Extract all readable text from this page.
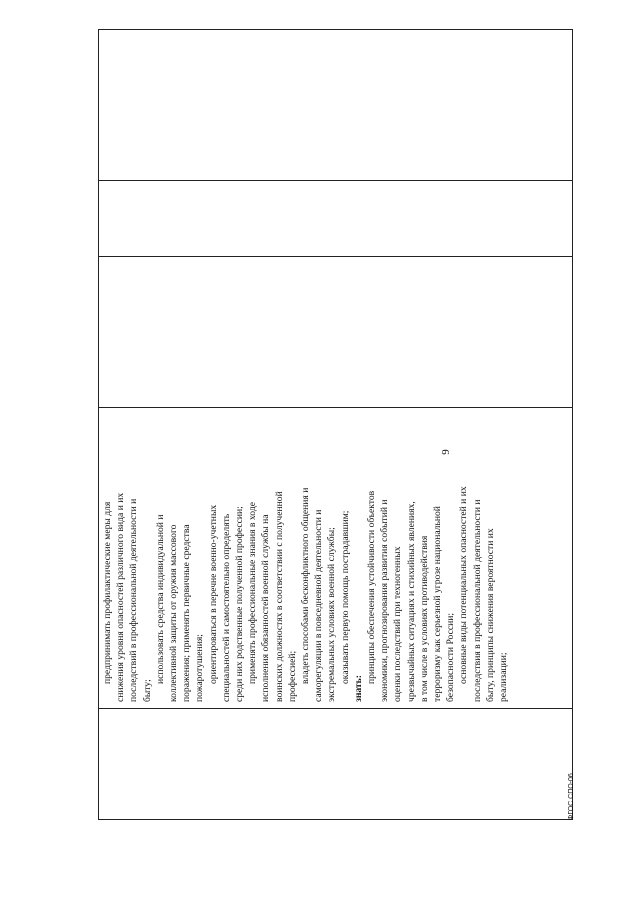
предпринимать профилактические меры для снижения уровня опасностей различного вида и их последствий в профессиональной деятельности и быту;

использовать средства индивидуальной и коллективной защиты от оружия массового поражения; применять первичные средства пожаротушения; ориентироваться в перечне военно-учетных специальностей и самостоятельно определять среди них родственные полученной профессии; применять профессиональные знания в ходе исполнения обязанностей военной службы на воинских должностях в соответствии с полученной профессией; владеть способами бесконфликтного общения и саморегуляции в повседневной деятельности и экстремальных условиях военной службы; оказывать первую помощь пострадавшим;

знать:

принципы обеспечения устойчивости объектов экономики, прогнозирования развития событий и оценки последствий при техногенных чрезвычайных ситуациях и стихийных явлениях, в том числе в условиях противодействия терроризму как серьезной угрозе национальной безопасности России; основные виды потенциальных опасностей и их последствия в профессиональной деятельности и быту, принципы снижения вероятности их реализации;

9
ФГОС СПО-06
